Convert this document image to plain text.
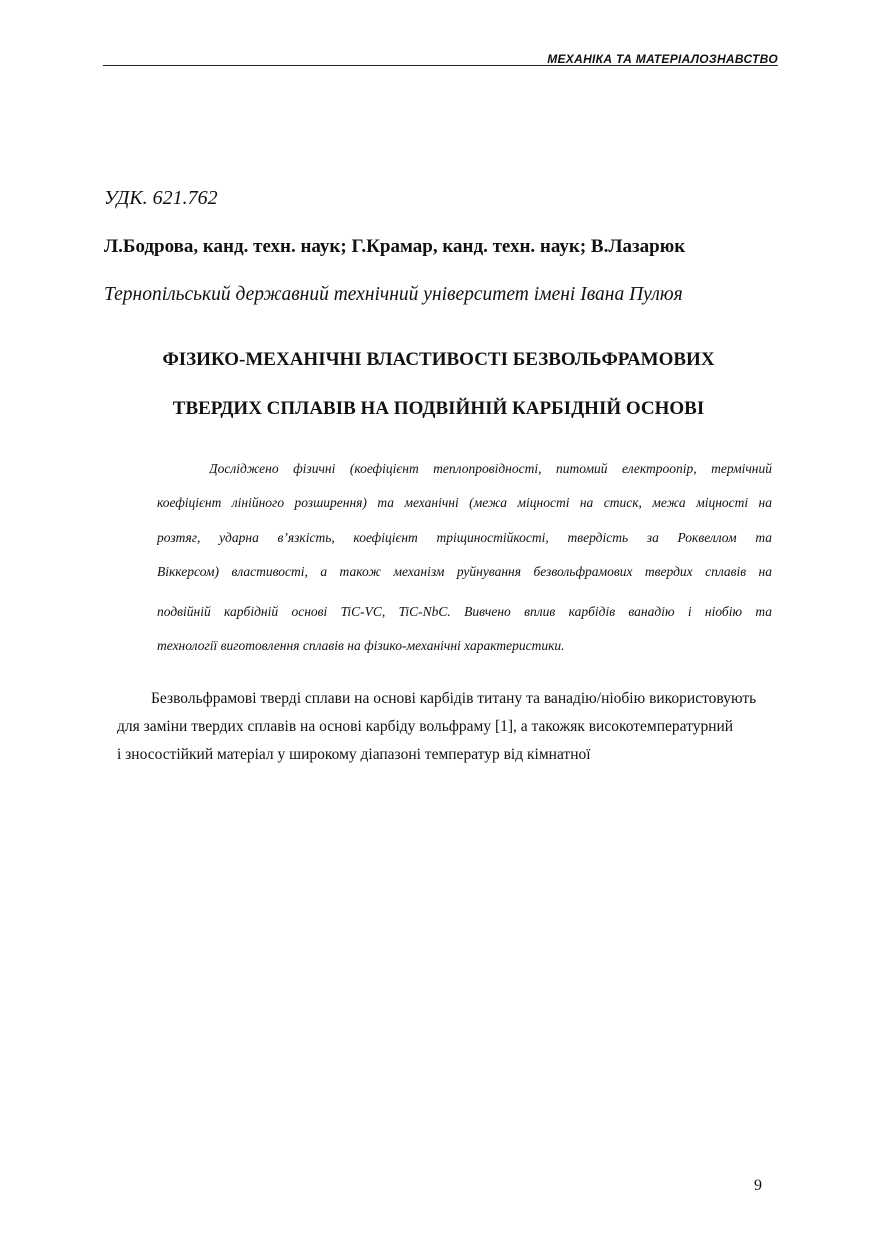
МЕХАНІКА ТА МАТЕРІАЛОЗНАВСТВО
УДК. 621.762
Л.Бодрова, канд. техн. наук; Г.Крамар, канд. техн. наук; В.Лазарюк
Тернопільський державний технічний університет імені Івана Пулюя
ФІЗИКО-МЕХАНІЧНІ ВЛАСТИВОСТІ БЕЗВОЛЬФРАМОВИХ
ТВЕРДИХ СПЛАВІВ НА ПОДВІЙНІЙ КАРБІДНІЙ ОСНОВІ
Досліджено фізичні (коефіцієнт теплопровідності, питомий електроопір, термічний
коефіцієнт лінійного розширення) та механічні (межа міцності на стиск, межа міцності на
розтяг, ударна в’язкість, коефіцієнт тріщиностійкості, твердість за Роквеллом та
Віккерсом) властивості, а також механізм руйнування безвольфрамових твердих сплавів на
подвійній карбідній основі TiC-VC, TiC-NbC. Вивчено вплив карбідів ванадію і ніобію та
технології виготовлення сплавів на фізико-механічні характеристики.
Безвольфрамові тверді сплави на основі карбідів титану та ванадію/ніобію використовують
для заміни твердих сплавів на основі карбіду вольфраму [1], а такожяк високотемпературний
і зносостійкий матеріал у широкому діапазоні температур від кімнатної
9
